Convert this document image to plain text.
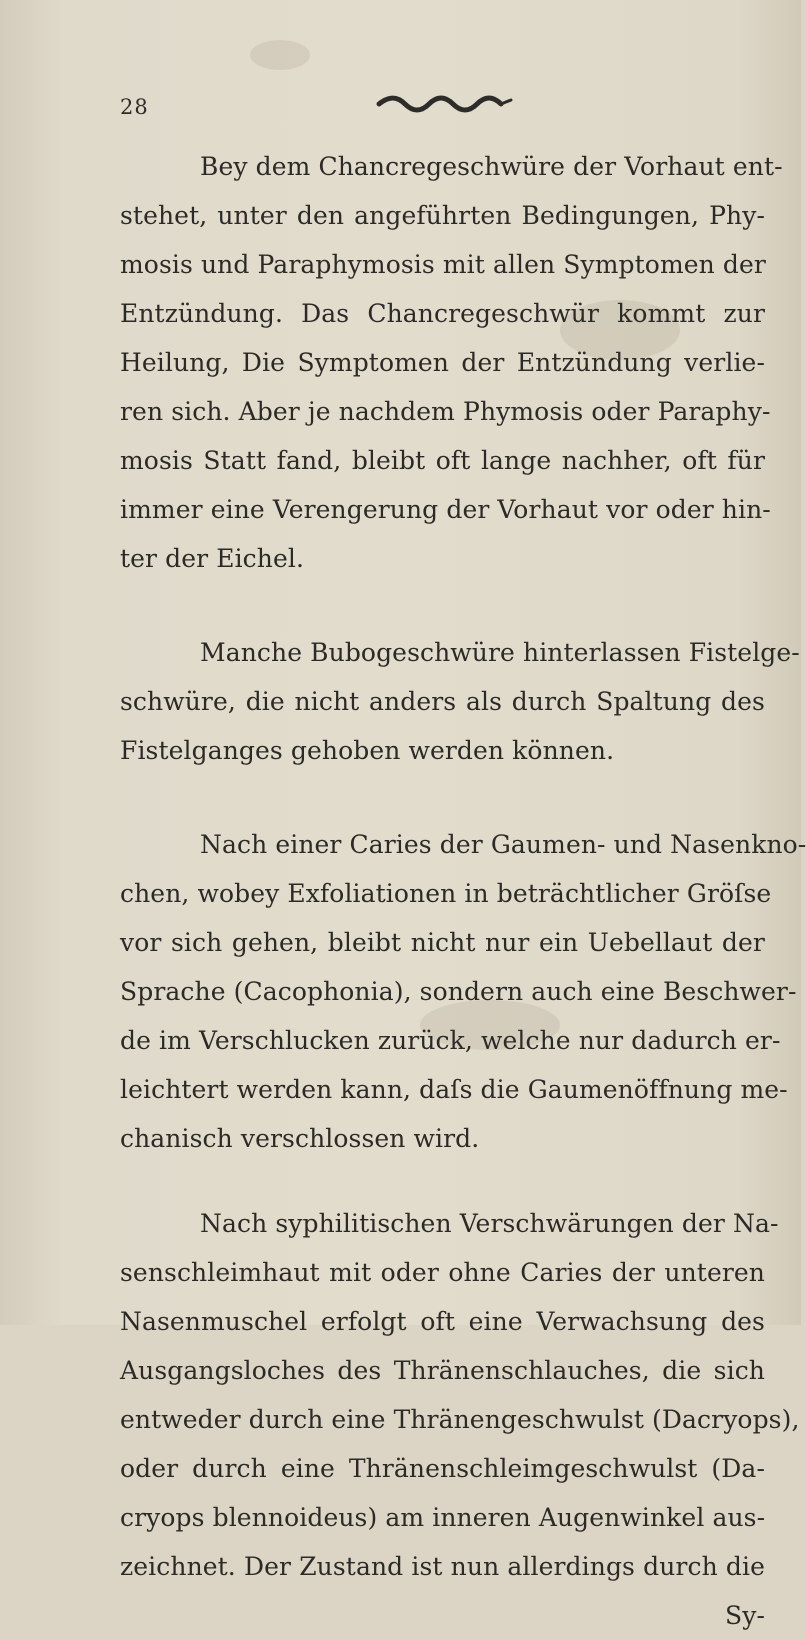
28
Bey dem Chancregeschwüre der Vorhaut ent-
stehet, unter den angeführten Bedingungen, Phy-
mosis und Paraphymosis mit allen Symptomen der
Entzündung. Das Chancregeschwür kommt zur
Heilung, Die Symptomen der Entzündung verlie-
ren sich. Aber je nachdem Phymosis oder Paraphy-
mosis Statt fand, bleibt oft lange nachher, oft für
immer eine Verengerung der Vorhaut vor oder hin-
ter der Eichel.
Manche Bubogeschwüre hinterlassen Fistelge-
schwüre, die nicht anders als durch Spaltung des
Fistelganges gehoben werden können.
Nach einer Caries der Gaumen- und Nasenkno-
chen, wobey Exfoliationen in beträchtlicher Gröſse
vor sich gehen, bleibt nicht nur ein Uebellaut der
Sprache (Cacophonia), sondern auch eine Beschwer-
de im Verschlucken zurück, welche nur dadurch er-
leichtert werden kann, daſs die Gaumenöffnung me-
chanisch verschlossen wird.
Nach syphilitischen Verschwärungen der Na-
senschleimhaut mit oder ohne Caries der unteren
Nasenmuschel erfolgt oft eine Verwachsung des
Ausgangsloches des Thränenschlauches, die sich
entweder durch eine Thränengeschwulst (Dacryops),
oder durch eine Thränenschleimgeschwulst (Da-
cryops blennoideus) am inneren Augenwinkel aus-
zeichnet. Der Zustand ist nun allerdings durch die
Sy-
